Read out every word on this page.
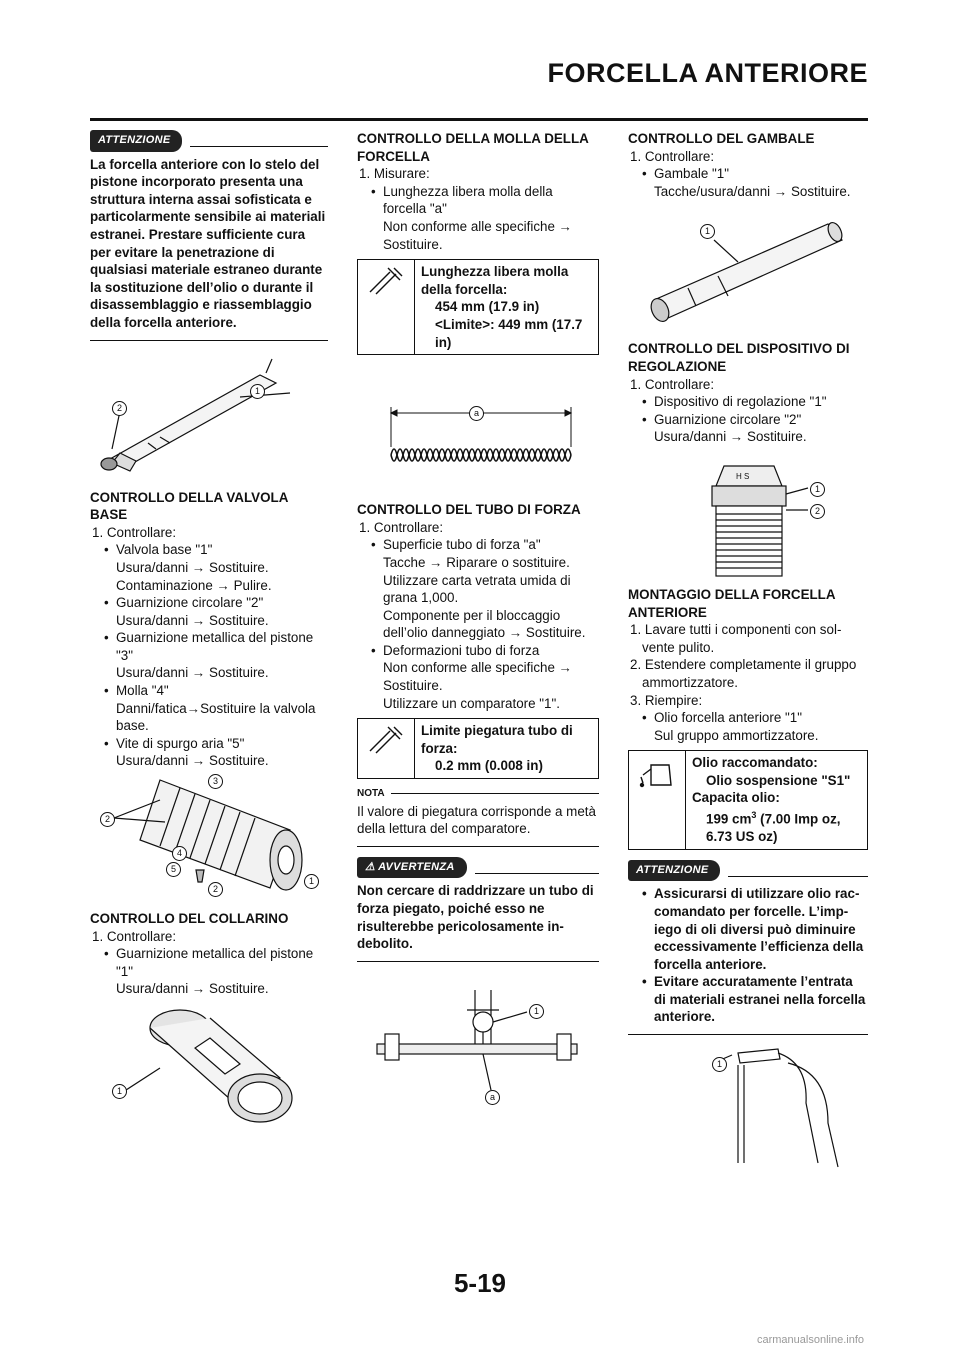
FORCELLA ANTERIORE
ATTENZIONE

La forcella anteriore con lo stelo del pistone incorporato presenta una struttura interna assai sofisticata e particolarmente sensibile ai materiali estranei. Prestare sufficiente cura per evitare la penetrazione di qualsiasi materiale estraneo durante la sostituzione dell’olio o durante il disassemblaggio e riassemblaggio della forcella anteriore.

1
2

CONTROLLO DELLA VALVOLA BASE

1. Controllare:

• Valvola base "1"
Usura/danni → Sostituire.
Contaminazione → Pulire.
• Guarnizione circolare "2"
Usura/danni → Sostituire.
• Guarnizione metallica del pistone "3"
Usura/danni → Sostituire.
• Molla "4"
Danni/fatica→Sostituire la valvola base.
• Vite di spurgo aria "5"
Usura/danni → Sostituire.
3
2
4
5
2
1

CONTROLLO DEL COLLARINO

1. Controllare:

• Guarnizione metallica del pistone "1"
Usura/danni → Sostituire.
1

CONTROLLO DELLA MOLLA DELLA FORCELLA

1. Misurare:

• Lunghezza libera molla della forcella "a"
Non conforme alle specifiche → Sostituire.
Lunghezza libera molla della forcella:
454 mm (17.9 in)
<Limite>: 449 mm (17.7 in)
a

CONTROLLO DEL TUBO DI FORZA

1. Controllare:

• Superficie tubo di forza "a"
Tacche → Riparare o sostituire.
Utilizzare carta vetrata umida di grana 1,000.
Componente per il bloccaggio dell’olio danneggiato → Sostituire.
• Deformazioni tubo di forza
Non conforme alle specifiche → Sostituire.
Utilizzare un comparatore "1".
Limite piegatura tubo di forza:
0.2 mm (0.008 in)
NOTA

Il valore di piegatura corrisponde a metà della lettura del comparatore.

⚠ AVVERTENZA

Non cercare di raddrizzare un tubo di forza piegato, poiché esso ne risulterebbe pericolosamente indebolito.

1
a

CONTROLLO DEL GAMBALE

1. Controllare:

• Gambale "1"
Tacche/usura/danni → Sostituire.
1

CONTROLLO DEL DISPOSITIVO DI REGOLAZIONE

1. Controllare:

• Dispositivo di regolazione "1"
• Guarnizione circolare "2"
Usura/danni → Sostituire.
H S
1
2

MONTAGGIO DELLA FORCELLA ANTERIORE

1. Lavare tutti i componenti con solvente pulito.

2. Estendere completamente il gruppo ammortizzatore.

3. Riempire:

• Olio forcella anteriore "1"
Sul gruppo ammortizzatore.
Olio raccomandato:
Olio sospensione "S1"
Capacita olio:
199 $cm^3$ (7.00 Imp oz, 6.73 US oz)
ATTENZIONE
• Assicurarsi di utilizzare olio raccomandato per forcelle. L’impiego di oli diversi può diminuire eccessivamente l’efficienza della forcella anteriore.
• Evitare accuratamente l’entrata di materiali estranei nella forcella anteriore.
1
5-19
carmanualsonline.info
